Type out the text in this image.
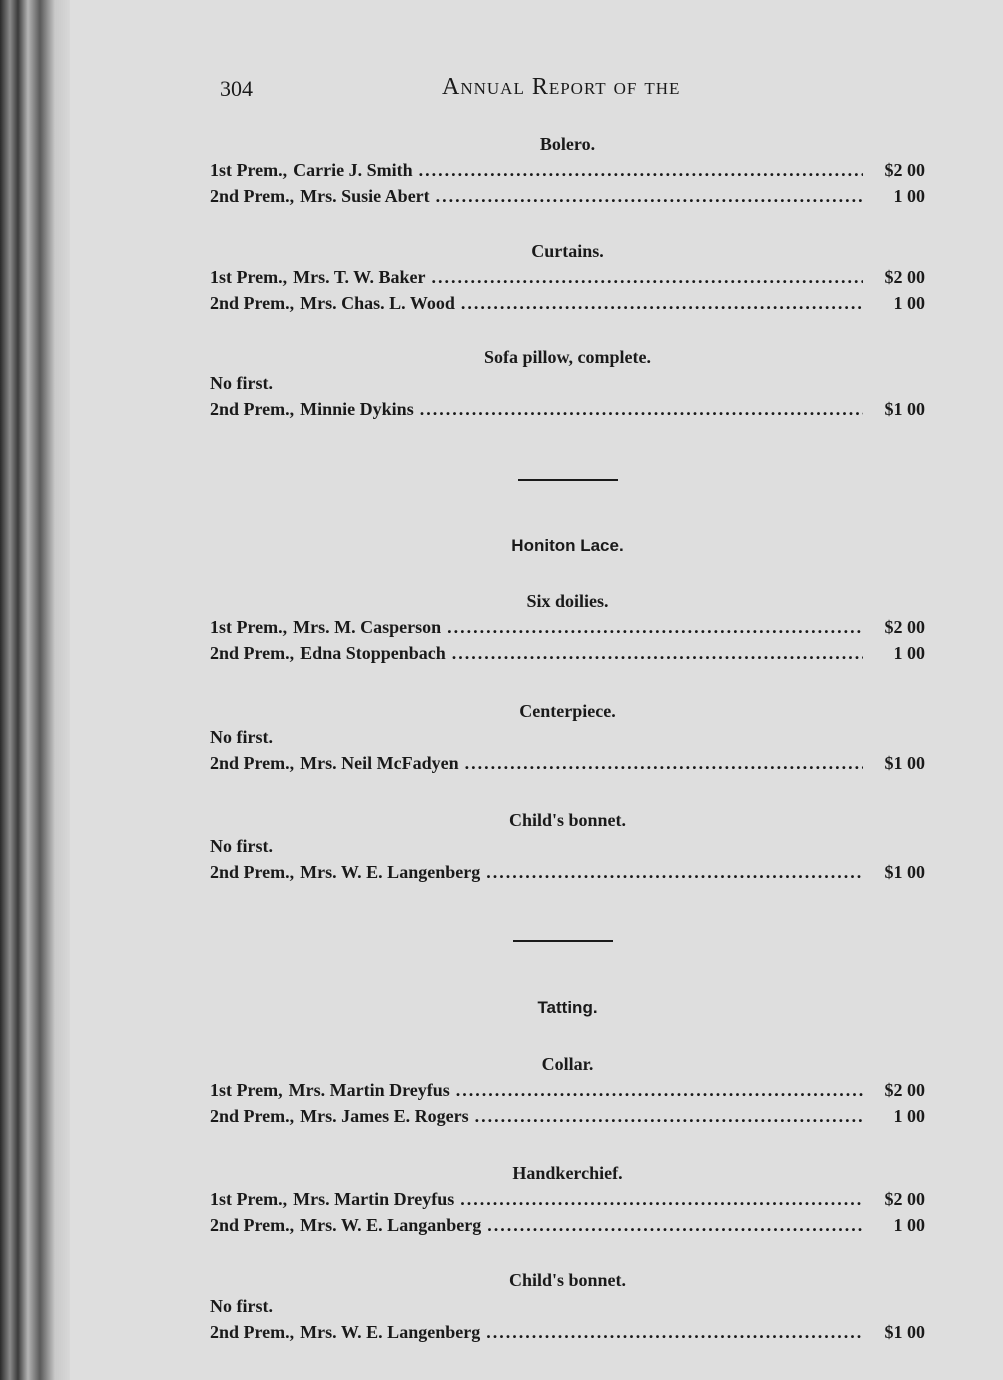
304	Annual Report of the
Bolero.
1st Prem., Carrie J. Smith .....	$2 00
2nd Prem., Mrs. Susie Abert .....	1 00
Curtains.
1st Prem., Mrs. T. W. Baker .....	$2 00
2nd Prem., Mrs. Chas. L. Wood .....	1 00
Sofa pillow, complete.
No first.
2nd Prem., Minnie Dykins .....	$1 00
Honiton Lace.
Six doilies.
1st Prem., Mrs. M. Casperson .....	$2 00
2nd Prem., Edna Stoppenbach .....	1 00
Centerpiece.
No first.
2nd Prem., Mrs. Neil McFadyen .....	$1 00
Child's bonnet.
No first.
2nd Prem., Mrs. W. E. Langenberg .....	$1 00
Tatting.
Collar.
1st Prem, Mrs. Martin Dreyfus .....	$2 00
2nd Prem., Mrs. James E. Rogers .....	1 00
Handkerchief.
1st Prem., Mrs. Martin Dreyfus .....	$2 00
2nd Prem., Mrs. W. E. Langanberg .....	1 00
Child's bonnet.
No first.
2nd Prem., Mrs. W. E. Langenberg .....	$1 00
